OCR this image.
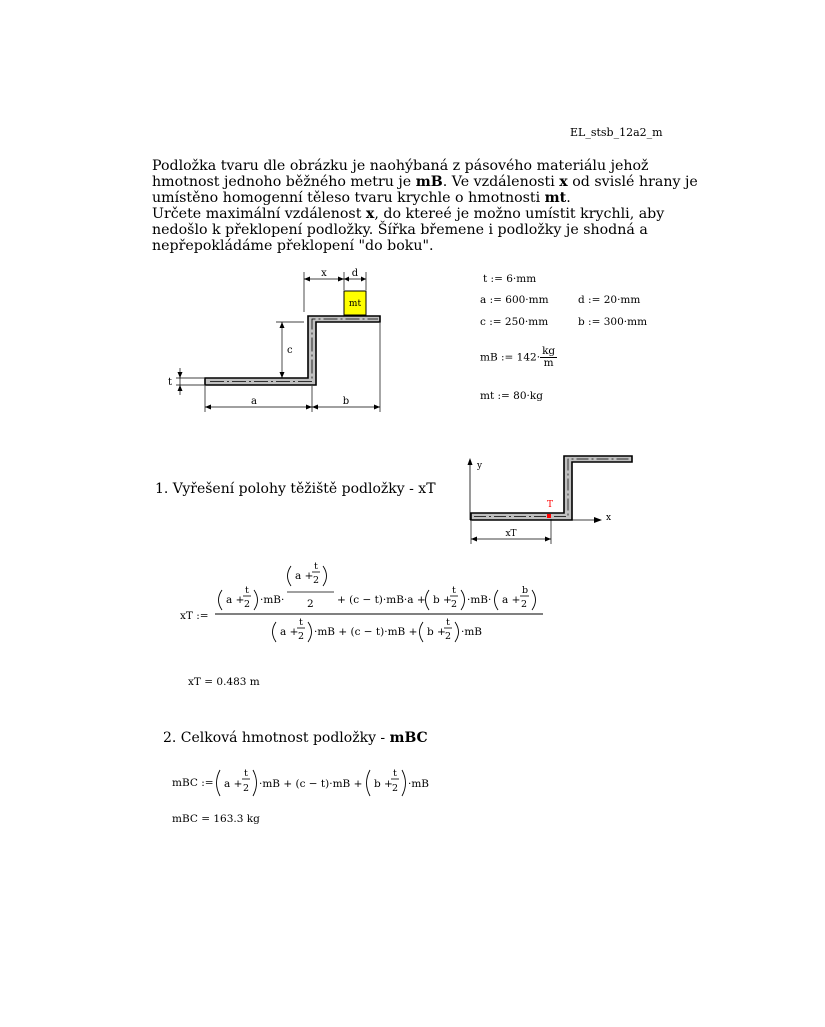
EL_stsb_12a2_m

Podložka tvaru dle obrázku je naohýbaná z pásového materiálu jehož hmotnost jednoho běžného metru je mB. Ve vzdálenosti x od svislé hrany je umístěno homogenní těleso tvaru krychle o hmotnosti mt.

Určete maximální vzdálenost x, do ktereé je možno umístit krychli, aby nedošlo k překlopení podložky. Šířka břemene i podložky je shodná a nepřepokládáme překlopení "do boku".

mt
x d
c
t
a	b
t := 6·mm
a := 600·mm	d := 20·mm
c := 250·mm	b := 300·mm
mB := $142\cdot \frac{kg}{m}$
mt := 80·kg
1. Vyřešení polohy těžiště podložky - xT
y
x
T
xT
xT :=
a +
t
2 ·mB·
a +
t
2
2 + (c − t)·mB·a + b +
t
2 ·mB· a +
b
2
a +
t
2 ·mB + (c − t)·mB + b +
t
2 ·mB
xT = 0.483 m
2. Celková hmotnost podložky - mBC
mBC := a +
t
2 ·mB + (c − t)·mB + b +
t
2 ·mB
mBC = 163.3 kg
